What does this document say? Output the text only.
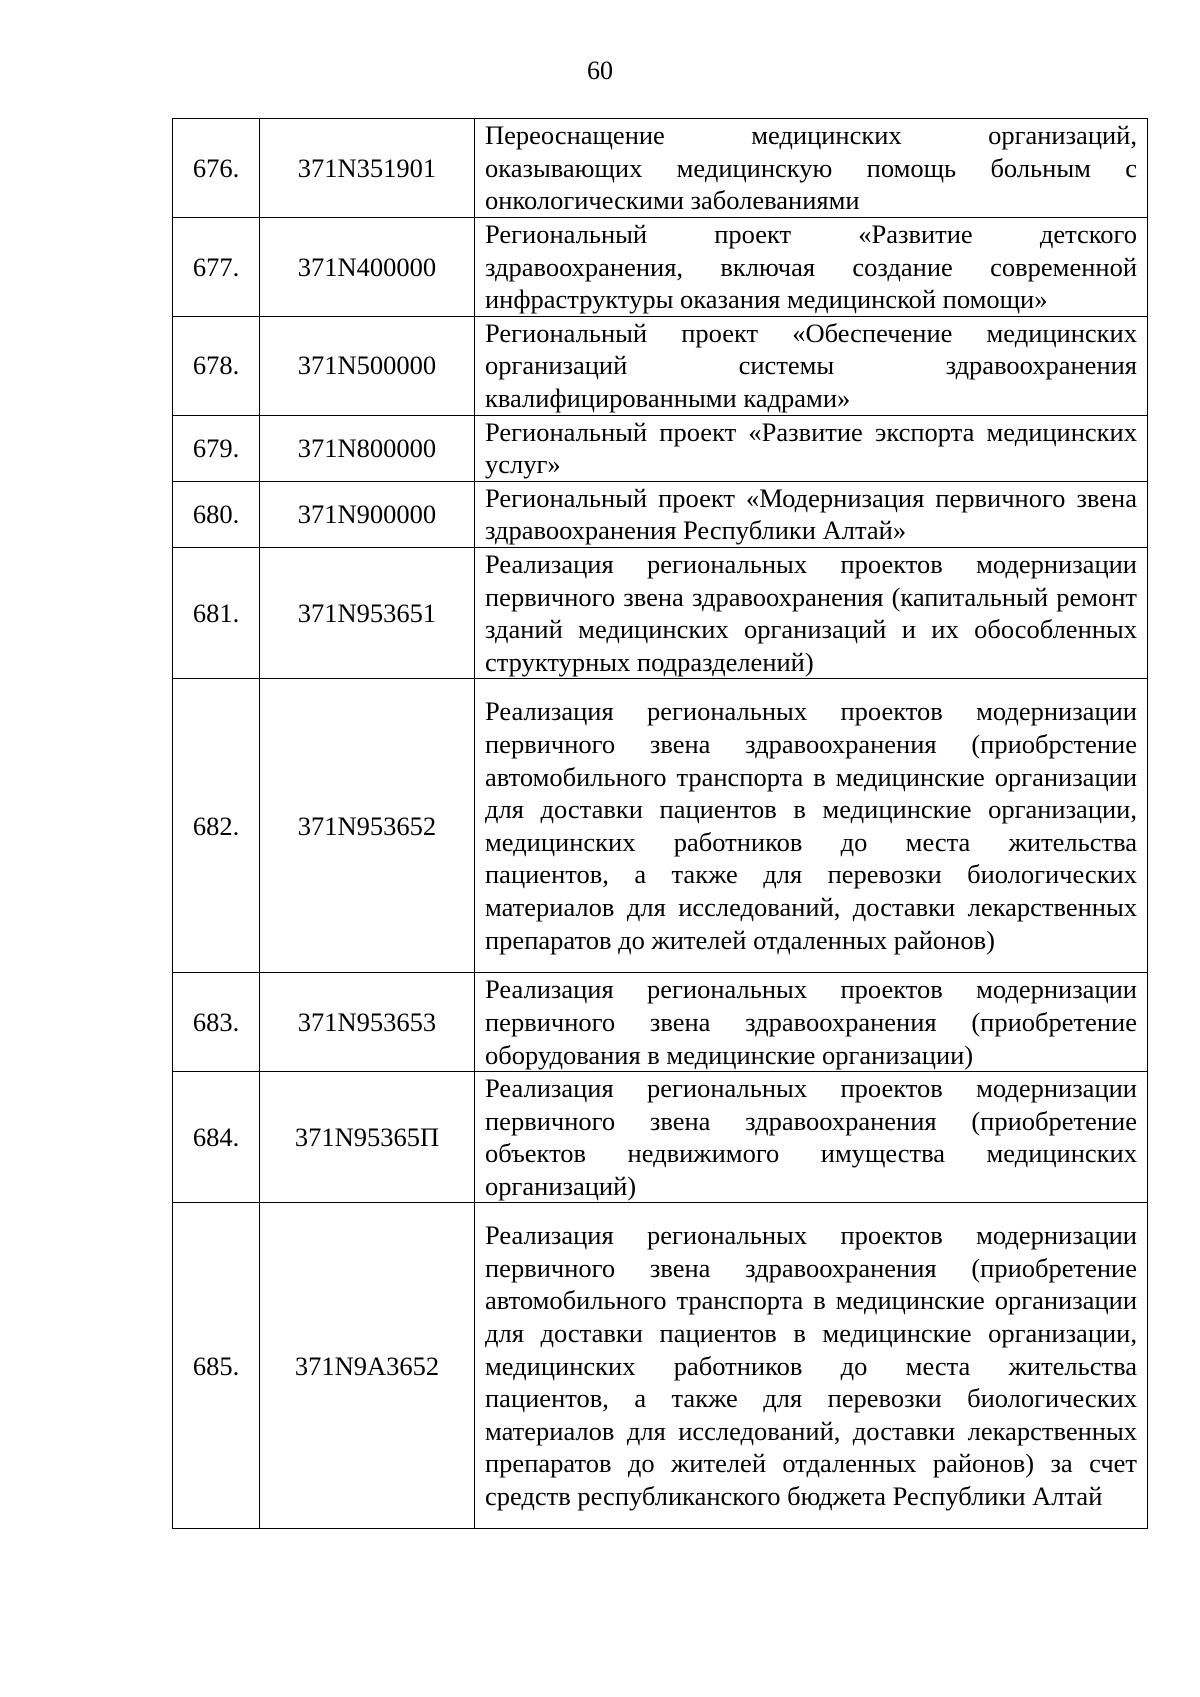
60
676.	371N351901	Переоснащение медицинских организаций, оказывающих медицинскую помощь больным с онкологическими заболеваниями

677.	371N400000	Региональный проект «Развитие детского здравоохранения, включая создание современной инфраструктуры оказания медицинской помощи»

678.	371N500000	Региональный проект «Обеспечение медицинских организаций системы здравоохранения квалифицированными кадрами»

679.	371N800000	Региональный проект «Развитие экспорта медицинских услуг»

680.	371N900000	Региональный проект «Модернизация первичного звена здравоохранения Республики Алтай»

681.	371N953651	Реализация региональных проектов модернизации первичного звена здравоохранения (капитальный ремонт зданий медицинских организаций и их обособленных структурных подразделений)

682.	371N953652	Реализация региональных проектов модернизации первичного звена здравоохранения (приобрстение автомобильного транспорта в медицинские организации для доставки пациентов в медицинские организации, медицинских работников до места жительства пациентов, а также для перевозки биологических материалов для исследований, доставки лекарственных препаратов до жителей отдаленных районов)

683.	371N953653	Реализация региональных проектов модернизации первичного звена здравоохранения (приобретение оборудования в медицинские организации)

684.	371N95365П	Реализация региональных проектов модернизации первичного звена здравоохранения (приобретение объектов недвижимого имущества медицинских организаций)

685.	371N9A3652	Реализация региональных проектов модернизации первичного звена здравоохранения (приобретение автомобильного транспорта в медицинские организации для доставки пациентов в медицинские организации, медицинских работников до места жительства пациентов, а также для перевозки биологических материалов для исследований, доставки лекарственных препаратов до жителей отдаленных районов) за счет средств республиканского бюджета Республики Алтай
